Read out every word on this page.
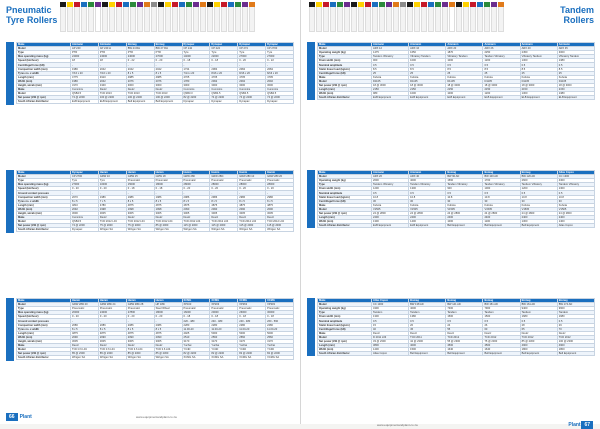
Pneumatic
Tyre Rollers
Make	Ammann	Ammann	Bomag	Bomag	Dynapac	Dynapac	Dynapac	Dynapac
Model	AP 240	AP 240 H	BW 24 RH	BW 27 RH	CP 142	CP 224	CP 274	CP 2700
Type	PTR	PTR	PTR	PTR	Tyre	Tyre	Tyre	Tyre
Max operating mass (kg)	24000	24000	24000	27000	14000	22000	27000	27000
Speed (km/hour)	18	18	0 - 22	0 - 20	0 - 18	0 - 18	0 - 20	0 - 22
Centrifugal force (kN)	-	-	-	-	-	-	-	-
Compaction width (mm)	1986	2042	2042	2042	1734	2084	2084	2084
Tyres no. x width	7/16 x 20	7/16 x 20	8 x 5	8 x 5	7/14 x 20	8/16 x 20	8/16 x 20	8/16 x 20
Length (mm)	4775	4910	4985	4985	4705	4705	4705	4705
Width (mm)	1986	2042	2076	2076	1780	2092	2092	2092
Height, w/cab (mm)	3170	3100	3000	3000	3000	3000	3000	3000
Make	Cummins	Deutz	Deutz	Deutz	Cummins	Cummins	Cummins	Cummins
Model	QSB4.5	TCD 2013	TCD 2013	TCD 2013	QSB3.3	QSB4.5	QSB4.5	QSB4.5
Net power (kW @ rpm)	74 @ 2200	100 @ 2200	100 @ 2200	100 @ 2200	82 @ 2200	74 @ 2200	74 @ 2200	74 @ 2200
South African distributor	ELB Equipment	ELB Equipment	Bell Equipment	Bell Equipment	Dynapac	Dynapac	Dynapac	Dynapac
Make	Dynapac	Hamm	Hamm	Hamm	Hamm	Hamm	Hamm	Hamm
Model	CP 2700	GRW 10	GRW 15	GRW 18	GRW 280	GRW 280i	GRW 280 10	GRW 280 20
Type	Tyre	Tyre	Pneumatic	Pneumatic	Pneumatic	Pneumatic	Pneumatic	Pneumatic
Max operating mass (kg)	27000	10000	15000	18000	28000	28000	28000	28000
Speed (km/hour)	0 - 20	0 - 20	0 - 18	0 - 18	0 - 20	0 - 20	0 - 20	0 - 20
Ground contact pressure	-	-	-	-	-	-	-	-
Compaction width (mm)	2070	1986	1986	1986	2986	2986	2986	2986
Tyres no. x width	8 x 5	7 x 5	8 x 5	8 x 5	8 x 5	8 x 5	8 x 5	8 x 5
Length (mm)	4810	4780	4875	4875	4875	4875	4875	4875
Width (mm)	2092	1998	1998	1998	2090	2090	2090	2090
Height, w/cab (mm)	3000	3005	3005	3005	3005	3005	3005	3005
Make	Cummins	Deutz	Deutz	Deutz	Deutz	Deutz	Deutz	Deutz
Model	QSB4.5	TCD 2012 L04	TCD 2012 L04	TCD 2012 L04	TCD 2012 L04	TCD 2012 L04	TCD 2012 L04	TCD 2012 L04
Net power (kW @ rpm)	74 @ 2200	75 @ 2000	75 @ 2000	85 @ 2000	115 @ 2000	115 @ 2000	115 @ 2000	115 @ 2000
South African distributor	Dynapac	Wirtgen SA	Wirtgen SA	Wirtgen SA	Wirtgen SA	Wirtgen SA	Wirtgen SA	Wirtgen SA
Make	Hamm	Hamm	Hamm	Hamm	XCMG	XCMG	XCMG	XCMG
Model	GRW 280i 20	GRW 280i 24	GRW 280i 28	HP 180i	XP163	XP203	XP263	XP303
Type	Pneumatic	Pneumatic	Pneumatic	Steel Wheel	Pneumatic	Pneumatic	Pneumatic	Pneumatic
Max operating mass (kg)	20000	24000	27800	18000	16000	20000	26000	30000
Speed (km/hour)	0 - 20	0 - 20	0 - 20	0 - 20	0 - 18	0 - 18	0 - 18	0 - 18
Ground contact pressure	-	-	-	-	220 - 480	240 - 480	240 - 480	260 - 560
Compaction width (mm)	2086	2086	2086	2086	2280	2280	2280	2280
Tyres no. x width	8 x 5	8 x 5	8 x 5	8 x 5	11.00-20	11.00-20	11.00-20	11.00-20
Length (mm)	4875	4875	4875	4875	4925	5000	5000	5000
Width (mm)	2090	2090	2090	2090	2510	2560	2560	2560
Height, w/cab (mm)	3005	3005	3005	3005	3170	3170	3170	3170
Make	Deutz	Deutz	Deutz	Deutz	Yuchai	Yuchai	Yuchai	Yuchai
Model	TCD 3.6 L04	TCD 3.6 L04	TCD 3.6 L04	TCD 3.6 L04	YC4D	YC4D	YC4D	YC4D
Net power (kW @ rpm)	85 @ 2300	85 @ 2300	85 @ 2300	85 @ 2300	82 @ 2200	82 @ 2200	82 @ 2200	82 @ 2200
South African distributor	Wirtgen SA	Wirtgen SA	Wirtgen SA	Wirtgen SA	XCMG SA	XCMG SA	XCMG SA	XCMG SA
66 Plant	www.equipmentandplant.co.za
Tandem
Rollers
Make	Ammann	Ammann	Ammann	Ammann	Ammann	Ammann
Model	ARX 12	ARX 16	ARX 20	ARX 26	ARX 40	ARX 45
Operating weight (kg)	1475	1650	1870	2250	2450	3000
Type	Tandem Vibratory	Vibratory Tandem	Vibratory Tandem	Tandem Vibratory	Vibratory Tandem	Vibratory Tandem
Drum width (mm)	900	1000	1000	1200	1300	1380
Nominal amplitude	0.5	0.5	0.5	0.5	0.5	0.5
Static linear load (kg/cm)	8.5	8.5	8.5	8.5	8.5	8.5
Centrifugal force (kN)	25	25	25	25	25	25
Make	Kubota	Kubota	Kubota	Kubota	Kubota	Kubota
Model	D1105	D1105	D1105	D1105	D1105	D1105
Net power (kW @ rpm)	18 @ 3000	18 @ 3000	18 @ 3000	18 @ 3000	18 @ 3000	18 @ 3000
Length (mm)	2150	2150	2150	2150	2150	2150
Width (mm)	980	1000	1000	1200	1300	1380
South African distributor	ELB Equipment	ELB Equipment	ELB Equipment	ELB Equipment	ELB Equipment	ELB Equipment
Make	Ammann	Ammann	Bomag	Bomag	Bomag	Atlas Copco
Model	ARX 26	ARX 40	BW 90 AD	BW 100 AD	BW 120 AD	CC 1300
Operating weight (kg)	2600	4000	1560	1700	2600	4300
Type	Tandem Vibratory	Tandem Vibratory	Tandem Vibratory	Tandem Vibratory	Tandem Vibratory	Tandem Vibratory
Drum width (mm)	1200	1300	900	1000	1200	1300
Nominal amplitude	0.5	0.5	0.5	0.5	0.5	0.5
Static linear load (kg/cm)	10.8	10.8	10.8	10.8	10.8	10.8
Centrifugal force (kN)	30	30	30	30	30	30
Make	Kubota	Kubota	Kubota	Kubota	Kubota	Kubota
Model	V1505	V1505	V1505	V1505	V1505	V1505
Net power (kW @ rpm)	24 @ 2800	24 @ 2800	24 @ 2800	24 @ 2800	24 @ 2800	24 @ 2800
Length (mm)	2400	2400	2400	2400	2400	2400
Width (mm)	1300	1400	1000	1100	1300	1400
South African distributor	ELB Equipment	ELB Equipment	Bell Equipment	Bell Equipment	Bell Equipment	Atlas Copco
Make	Atlas Copco	Bomag	Bomag	Bomag	Bomag	Bomag
Model	CC 1300	BW 138 AD	BW 141 AD	BW 151 AD	BW 161 AD	BW 174 AD
Operating weight (kg)	4300	4000	7300	7900	9400	9600
Type	Tandem	Tandem	Tandem	Tandem	Tandem	Tandem
Drum width (mm)	1300	1380	1500	1500	1680	1680
Nominal amplitude	0.5	0.5	0.5	0.5	0.5	0.5
Static linear load (kg/cm)	15	20	24	26	28	29
Centrifugal force (kN)	40	45	55	60	65	70
Make	Deutz	Deutz	Deutz	Deutz	Deutz	Deutz
Model	D 2011 L03	TCD 2011	TCD 2012	TCD 2012	TCD 2012	TCD 2012
Net power (kW @ rpm)	33 @ 2300	42 @ 2300	55 @ 2300	75 @ 2300	85 @ 2300	100 @ 2300
Length (mm)	3800	4000	4500	4500	4900	4900
Width (mm)	1400	1500	1640	1640	1800	1800
South African distributor	Atlas Copco	Bell Equipment	Bell Equipment	Bell Equipment	Bell Equipment	Bell Equipment
www.equipmentandplant.co.za	Plant 67
